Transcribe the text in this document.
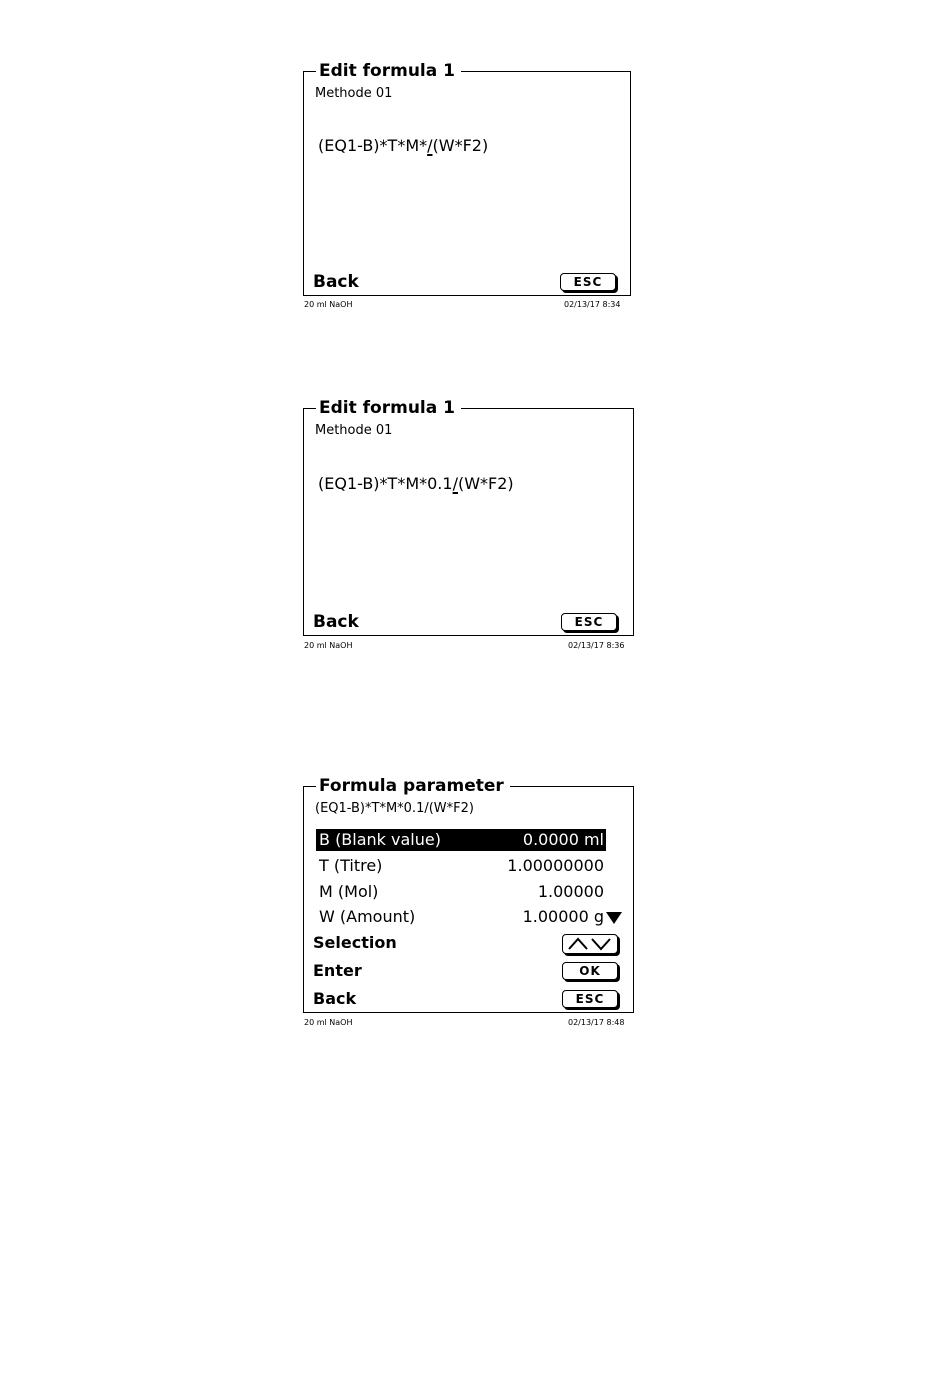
Edit formula 1
Methode 01
(EQ1-B)*T*M*/(W*F2)
Back	ESC
20 ml NaOH	02/13/17 8:34
Edit formula 1
Methode 01
(EQ1-B)*T*M*0.1/(W*F2)
Back	ESC
20 ml NaOH	02/13/17 8:36
Formula parameter
(EQ1-B)*T*M*0.1/(W*F2)
B (Blank value)	0.0000 ml
T (Titre)	1.00000000
M (Mol)	1.00000
W (Amount)	1.00000 g
Selection
Enter	OK
Back	ESC
20 ml NaOH	02/13/17 8:48
